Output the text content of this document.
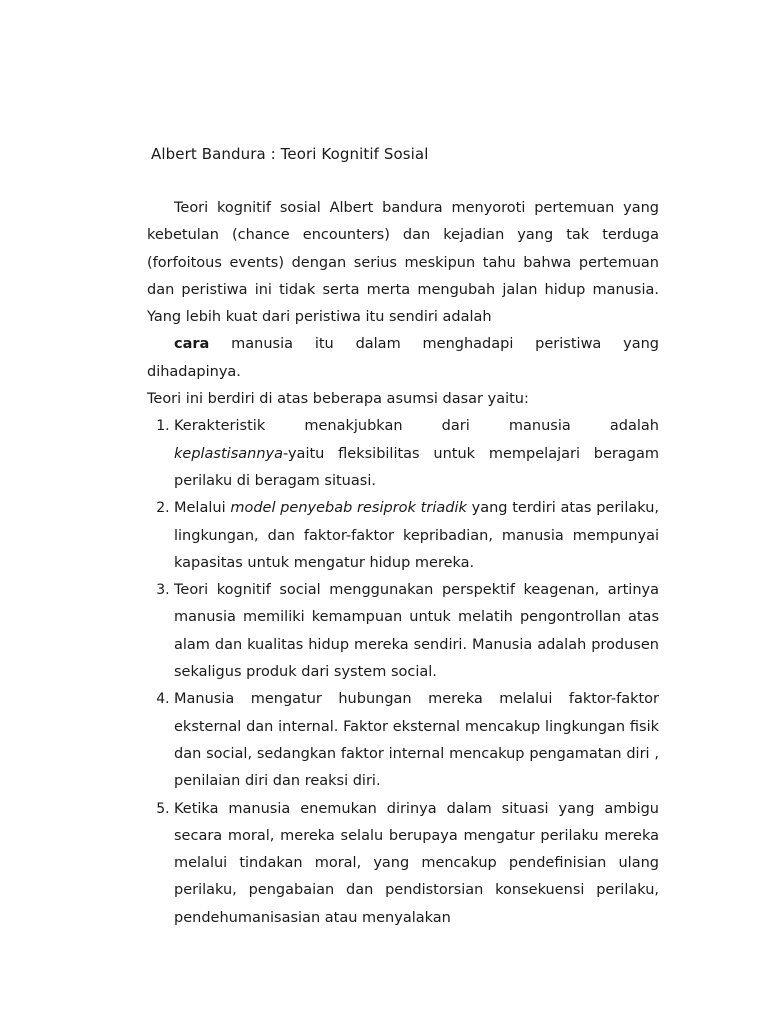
Albert Bandura : Teori Kognitif Sosial

Teori kognitif sosial Albert bandura menyoroti pertemuan yang kebetulan (chance encounters) dan kejadian yang tak terduga (forfoitous events) dengan serius meskipun tahu bahwa pertemuan dan peristiwa ini tidak serta merta mengubah jalan hidup manusia. Yang lebih kuat dari peristiwa itu sendiri adalah

cara manusia itu dalam menghadapi peristiwa yang
dihadapinya.

Teori ini berdiri di atas beberapa asumsi dasar yaitu:

1. Kerakteristik menakjubkan dari manusia adalah
keplastisannya-yaitu fleksibilitas untuk mempelajari beragam perilaku di beragam situasi.
2. Melalui model penyebab resiprok triadik yang terdiri atas perilaku, lingkungan, dan faktor-faktor kepribadian, manusia mempunyai kapasitas untuk mengatur hidup mereka.
3. Teori kognitif social menggunakan perspektif keagenan, artinya manusia memiliki kemampuan untuk melatih pengontrollan atas alam dan kualitas hidup mereka sendiri. Manusia adalah produsen sekaligus produk dari system social.
4. Manusia mengatur hubungan mereka melalui faktor-faktor eksternal dan internal. Faktor eksternal mencakup lingkungan fisik dan social, sedangkan faktor internal mencakup pengamatan diri , penilaian diri dan reaksi diri.
5. Ketika manusia enemukan dirinya dalam situasi yang ambigu secara moral, mereka selalu berupaya mengatur perilaku mereka melalui tindakan moral, yang mencakup pendefinisian ulang perilaku, pengabaian dan pendistorsian konsekuensi perilaku, pendehumanisasian atau menyalakan
